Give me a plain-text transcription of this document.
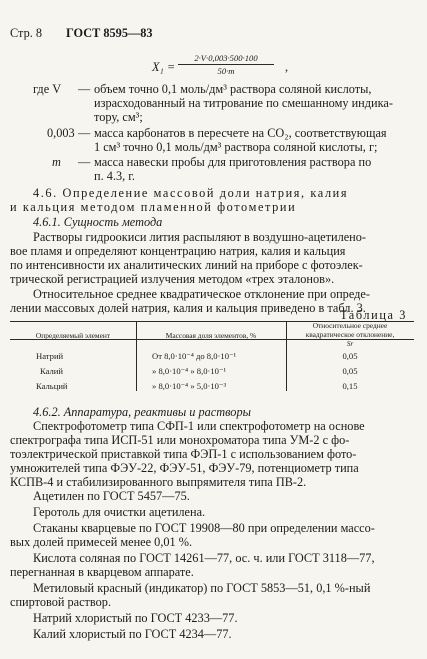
Стр. 8 ГОСТ 8595—83
X₁ =
2·V·0,003·500·100
50·m	,
где V — объем точно 0,1 моль/дм³ раствора соляной кислоты,
израсходованный на титрование по смешанному индика-
тору, см³;
0,003 — масса карбонатов в пересчете на CO₂, соответствующая
1 см³ точно 0,1 моль/дм³ раствора соляной кислоты, г;
m — масса навески пробы для приготовления раствора по
п. 4.3, г.
4.6. Определение массовой доли натрия, калия
и кальция методом пламенной фотометрии
4.6.1. Сущность метода
Растворы гидроокиси лития распыляют в воздушно-ацетилено-
вое пламя и определяют концентрацию натрия, калия и кальция
по интенсивности их аналитических линий на приборе с фотоэлек-
трической регистрацией излучения методом «трех эталонов».
Относительное среднее квадратическое отклонение при опреде-
лении массовых долей натрия, калия и кальция приведено в табл. 3.
Таблица 3
Определяемый элемент	Массовая доля элементов, %
Относительное среднее
квадратическое отклонение,
Sr
Натрий	От 8,0·10⁻⁴ до 8,0·10⁻¹	0,05
Калий	» 8,0·10⁻⁴ » 8,0·10⁻¹	0,05
Кальций	» 8,0·10⁻⁴ » 5,0·10⁻³	0,15
4.6.2. Аппаратура, реактивы и растворы
Спектрофотометр типа СФП-1 или спектрофотометр на основе
спектрографа типа ИСП-51 или монохроматора типа УМ-2 с фо-
тоэлектрической приставкой типа ФЭП-1 с использованием фото-
умножителей типа ФЭУ-22, ФЭУ-51, ФЭУ-79, потенциометр типа
КСПВ-4 и стабилизированного выпрямителя типа ПВ-2.
Ацетилен по ГОСТ 5457—75.
Геротоль для очистки ацетилена.
Стаканы кварцевые по ГОСТ 19908—80 при определении массо-
вых долей примесей менее 0,01 %.
Кислота соляная по ГОСТ 14261—77, ос. ч. или ГОСТ 3118—77,
перегнанная в кварцевом аппарате.
Метиловый красный (индикатор) по ГОСТ 5853—51, 0,1 %-ный
спиртовой раствор.
Натрий хлористый по ГОСТ 4233—77.
Калий хлористый по ГОСТ 4234—77.
